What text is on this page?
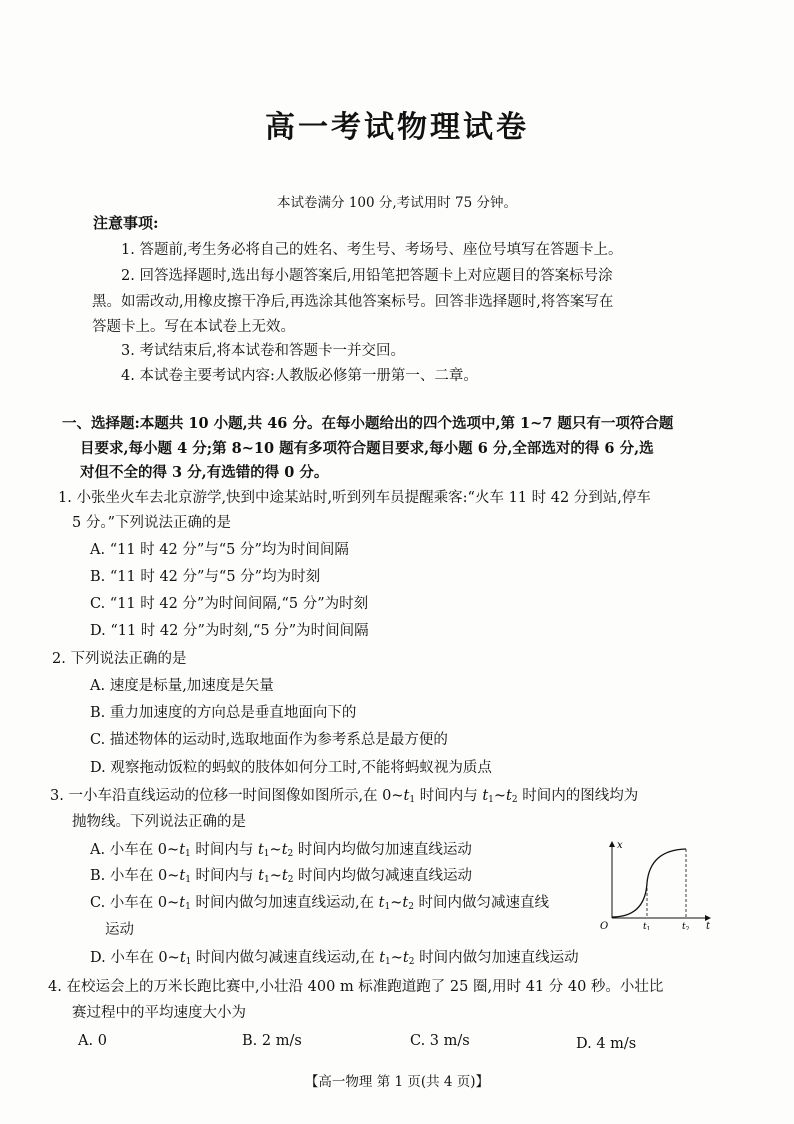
高一考试物理试卷
本试卷满分 100 分,考试用时 75 分钟。
注意事项:
1. 答题前,考生务必将自己的姓名、考生号、考场号、座位号填写在答题卡上。
2. 回答选择题时,选出每小题答案后,用铅笔把答题卡上对应题目的答案标号涂
黑。如需改动,用橡皮擦干净后,再选涂其他答案标号。回答非选择题时,将答案写在
答题卡上。写在本试卷上无效。
3. 考试结束后,将本试卷和答题卡一并交回。
4. 本试卷主要考试内容:人教版必修第一册第一、二章。
一、选择题:本题共 10 小题,共 46 分。在每小题给出的四个选项中,第 1~7 题只有一项符合题
目要求,每小题 4 分;第 8~10 题有多项符合题目要求,每小题 6 分,全部选对的得 6 分,选
对但不全的得 3 分,有选错的得 0 分。
1. 小张坐火车去北京游学,快到中途某站时,听到列车员提醒乘客:“火车 11 时 42 分到站,停车
5 分。”下列说法正确的是
A. “11 时 42 分”与“5 分”均为时间间隔
B. “11 时 42 分”与“5 分”均为时刻
C. “11 时 42 分”为时间间隔,“5 分”为时刻
D. “11 时 42 分”为时刻,“5 分”为时间间隔
2. 下列说法正确的是
A. 速度是标量,加速度是矢量
B. 重力加速度的方向总是垂直地面向下的
C. 描述物体的运动时,选取地面作为参考系总是最方便的
D. 观察拖动饭粒的蚂蚁的肢体如何分工时,不能将蚂蚁视为质点
3. 一小车沿直线运动的位移一时间图像如图所示,在 $0\sim t_1$ 时间内与 $t_1\sim t_2$ 时间内的图线均为
抛物线。下列说法正确的是
A. 小车在 $0\sim t_1$ 时间内与 $t_1\sim t_2$ 时间内均做匀加速直线运动
B. 小车在 $0\sim t_1$ 时间内与 $t_1\sim t_2$ 时间内均做匀减速直线运动
C. 小车在 $0\sim t_1$ 时间内做匀加速直线运动,在 $t_1\sim t_2$ 时间内做匀减速直线
运动
D. 小车在 $0\sim t_1$ 时间内做匀减速直线运动,在 $t_1\sim t_2$ 时间内做匀加速直线运动
x
t
O	$t_1$	$t_2$
4. 在校运会上的万米长跑比赛中,小壮沿 400 m 标准跑道跑了 25 圈,用时 41 分 40 秒。小壮比
赛过程中的平均速度大小为
A. 0	B. 2 m/s	C. 3 m/s	D. 4 m/s
【高一物理 第 1 页(共 4 页)】
